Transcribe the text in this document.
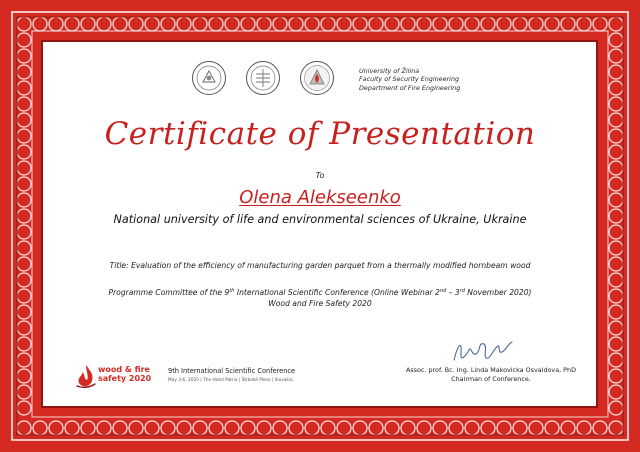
University of Žilina
Faculty of Security Engineering
Department of Fire Engineering
Certificate of Presentation
To
Olena Alekseenko
National university of life and environmental sciences of Ukraine, Ukraine
Title: Evaluation of the efficiency of manufacturing garden parquet from a thermally modified hornbeam wood
Programme Committee of the 9th International Scientific Conference (Online Webinar 2nd – 3rd November 2020)
Wood and Fire Safety 2020
Assoc. prof. Bc. Ing. Linda Makovicka Osvaldova, PhD
Chairman of Conference.
wood & fire
safety 2020
9th International Scientific Conference
May 3-6, 2020 | The Hotel Patria | Štrbské Pleso | Slovakia
